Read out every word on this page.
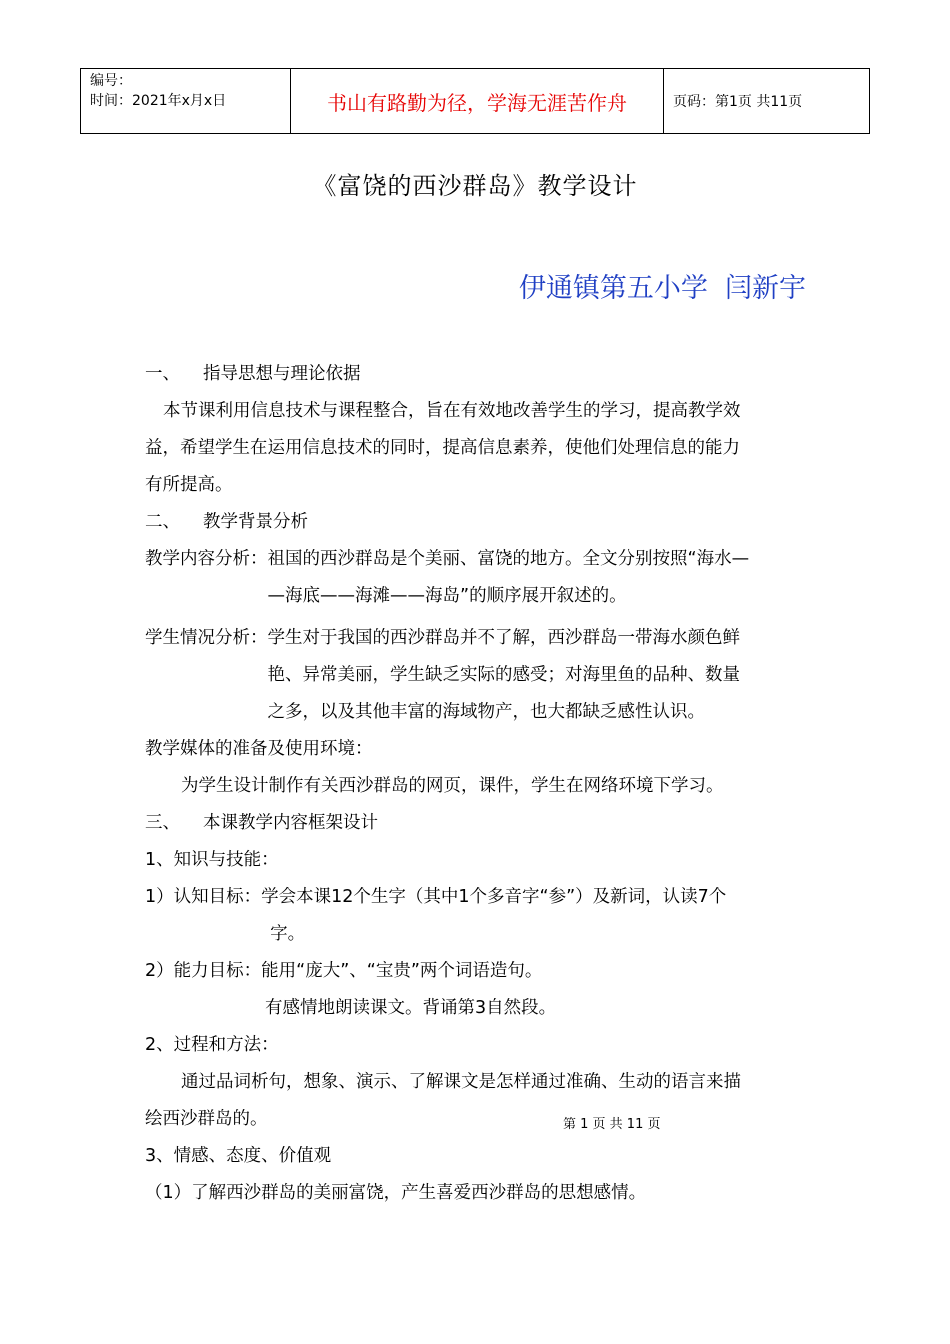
编号：
时间：2021年x月x日	书山有路勤为径，学海无涯苦作舟	页码：第1页 共11页
《富饶的西沙群岛》教学设计
伊通镇第五小学  闫新宇
一、 指导思想与理论依据
本节课利用信息技术与课程整合，旨在有效地改善学生的学习，提高教学效
益，希望学生在运用信息技术的同时，提高信息素养，使他们处理信息的能力
有所提高。
二、 教学背景分析
教学内容分析： 祖国的西沙群岛是个美丽、富饶的地方。全文分别按照“海水—
—海底——海滩——海岛”的顺序展开叙述的。
学生情况分析： 学生对于我国的西沙群岛并不了解，西沙群岛一带海水颜色鲜
艳、异常美丽，学生缺乏实际的感受；对海里鱼的品种、数量
之多，以及其他丰富的海域物产，也大都缺乏感性认识。
教学媒体的准备及使用环境：
为学生设计制作有关西沙群岛的网页，课件，学生在网络环境下学习。
三、 本课教学内容框架设计
1、知识与技能：
1）认知目标： 学会本课12个生字（其中1个多音字“参”）及新词，认读7个
字。
2）能力目标： 能用“庞大”、“宝贵”两个词语造句。
有感情地朗读课文。背诵第3自然段。
2、过程和方法：
通过品词析句，想象、演示、了解课文是怎样通过准确、生动的语言来描
绘西沙群岛的。
3、情感、态度、价值观
（1）了解西沙群岛的美丽富饶，产生喜爱西沙群岛的思想感情。
第 1 页 共 11 页
